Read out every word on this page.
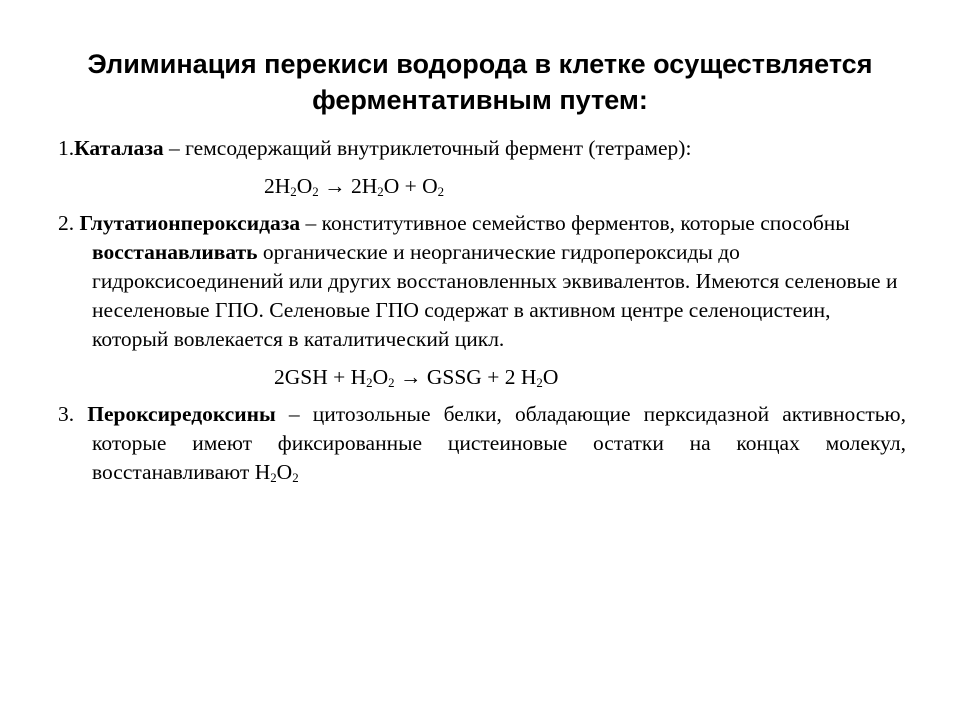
Элиминация перекиси водорода в клетке осуществляется ферментативным путем:

1.Каталаза – гемсодержащий внутриклеточный фермент (тетрамер):

$2H_2O_2 \to 2H_2O + O_2$

2. Глутатионпероксидаза – конститутивное семейство ферментов, которые способны восстанавливать органические и неорганические гидропероксиды до гидроксисоединений или других восстановленных эквивалентов. Имеются селеновые и неселеновые ГПО. Селеновые ГПО содержат в активном центре селеноцистеин, который вовлекается в каталитический цикл.

$2GSH + H_2O_2$ → GSSG + 2 $H_2O$

3. Пероксиредоксины – цитозольные белки, обладающие перксидазной активностью, которые имеют фиксированные цистеиновые остатки на концах молекул, восстанавливают $H_2O_2$
